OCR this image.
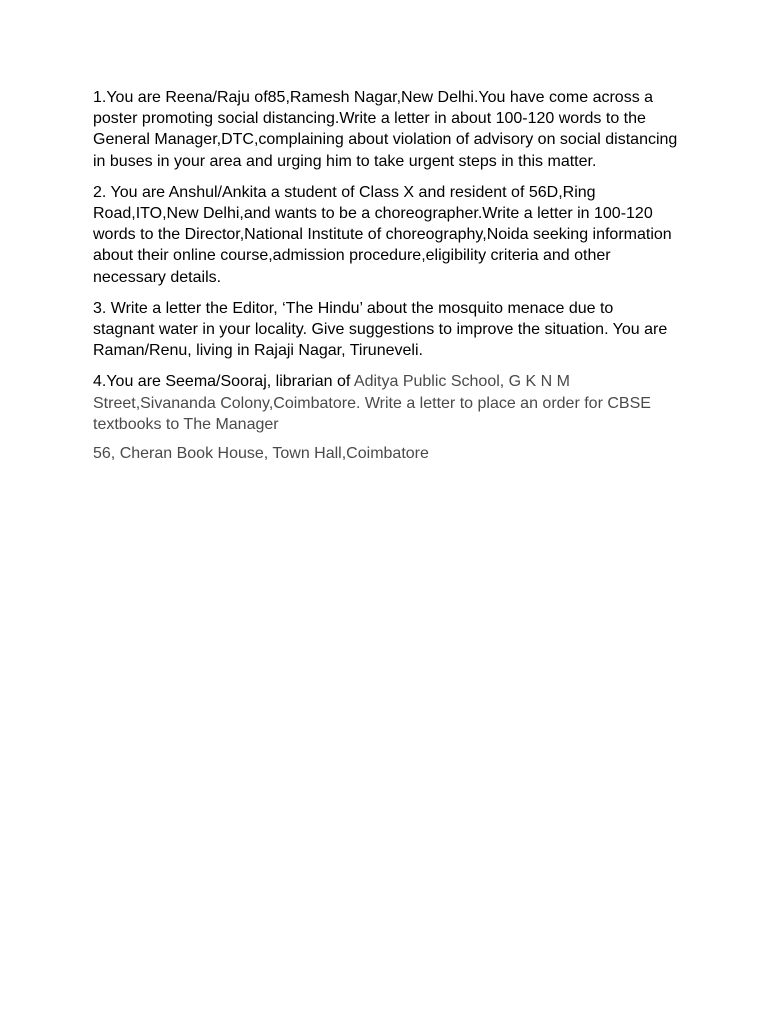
1.You are Reena/Raju of85,Ramesh Nagar,New Delhi.You have come across a poster promoting social distancing.Write a letter in about 100-120 words to the General Manager,DTC,complaining about violation of advisory on social distancing in buses in your area and urging him to take urgent steps in this matter.

2. You are Anshul/Ankita a student of Class X and resident of 56D,Ring Road,ITO,New Delhi,and wants to be a choreographer.Write a letter in 100-120 words to the Director,National Institute of choreography,Noida seeking information about their online course,admission procedure,eligibility criteria and other necessary details.

3. Write a letter the Editor, ‘The Hindu’ about the mosquito menace due to stagnant water in your locality. Give suggestions to improve the situation. You are Raman/Renu, living in Rajaji Nagar, Tiruneveli.

4.You are Seema/Sooraj, librarian of Aditya Public School, G K N M Street,Sivananda Colony,Coimbatore. Write a letter to place an order for CBSE textbooks to The Manager

56, Cheran Book House, Town Hall,Coimbatore
